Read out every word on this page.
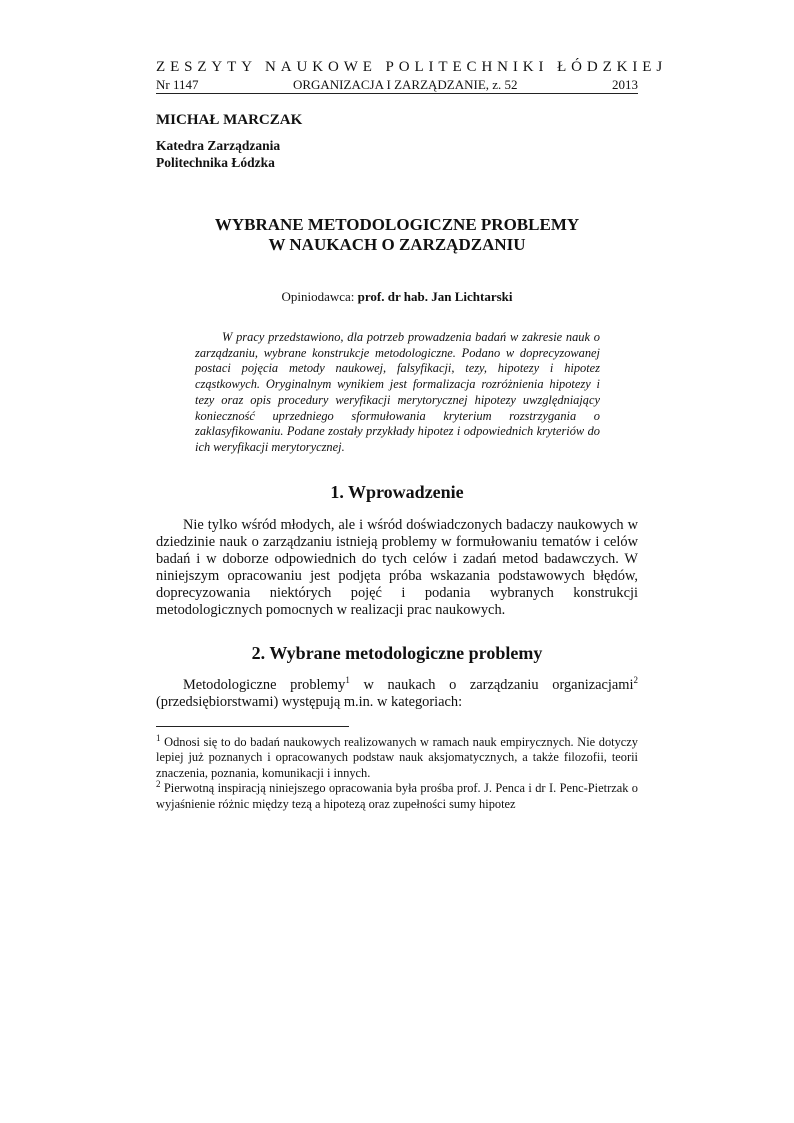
ZESZYTY NAUKOWE POLITECHNIKI ŁÓDZKIEJ
Nr 1147	ORGANIZACJA I ZARZĄDZANIE, z. 52	2013
MICHAŁ MARCZAK
Katedra Zarządzania
Politechnika Łódzka
WYBRANE METODOLOGICZNE PROBLEMY
W NAUKACH O ZARZĄDZANIU
Opiniodawca: prof. dr hab. Jan Lichtarski

W pracy przedstawiono, dla potrzeb prowadzenia badań w zakresie nauk o zarządzaniu, wybrane konstrukcje metodologiczne. Podano w doprecyzowanej postaci pojęcia metody naukowej, falsyfikacji, tezy, hipotezy i hipotez cząstkowych. Oryginalnym wynikiem jest formalizacja rozróżnienia hipotezy i tezy oraz opis procedury weryfikacji merytorycznej hipotezy uwzględniający konieczność uprzedniego sformułowania kryterium rozstrzygania o zaklasyfikowaniu. Podane zostały przykłady hipotez i odpowiednich kryteriów do ich weryfikacji merytorycznej.

1. Wprowadzenie

Nie tylko wśród młodych, ale i wśród doświadczonych badaczy naukowych w dziedzinie nauk o zarządzaniu istnieją problemy w formułowaniu tematów i celów badań i w doborze odpowiednich do tych celów i zadań metod badawczych. W niniejszym opracowaniu jest podjęta próba wskazania podstawowych błędów, doprecyzowania niektórych pojęć i podania wybranych konstrukcji metodologicznych pomocnych w realizacji prac naukowych.

2. Wybrane metodologiczne problemy

Metodologiczne problemy$^1$ w naukach o zarządzaniu organizacjami$^2$ (przedsiębiorstwami) występują m.in. w kategoriach:

$^1$ Odnosi się to do badań naukowych realizowanych w ramach nauk empirycznych. Nie dotyczy lepiej już poznanych i opracowanych podstaw nauk aksjomatycznych, a także filozofii, teorii znaczenia, poznania, komunikacji i innych.

$^2$ Pierwotną inspiracją niniejszego opracowania była prośba prof. J. Penca i dr I. Penc-Pietrzak o wyjaśnienie różnic między tezą a hipotezą oraz zupełności sumy hipotez
